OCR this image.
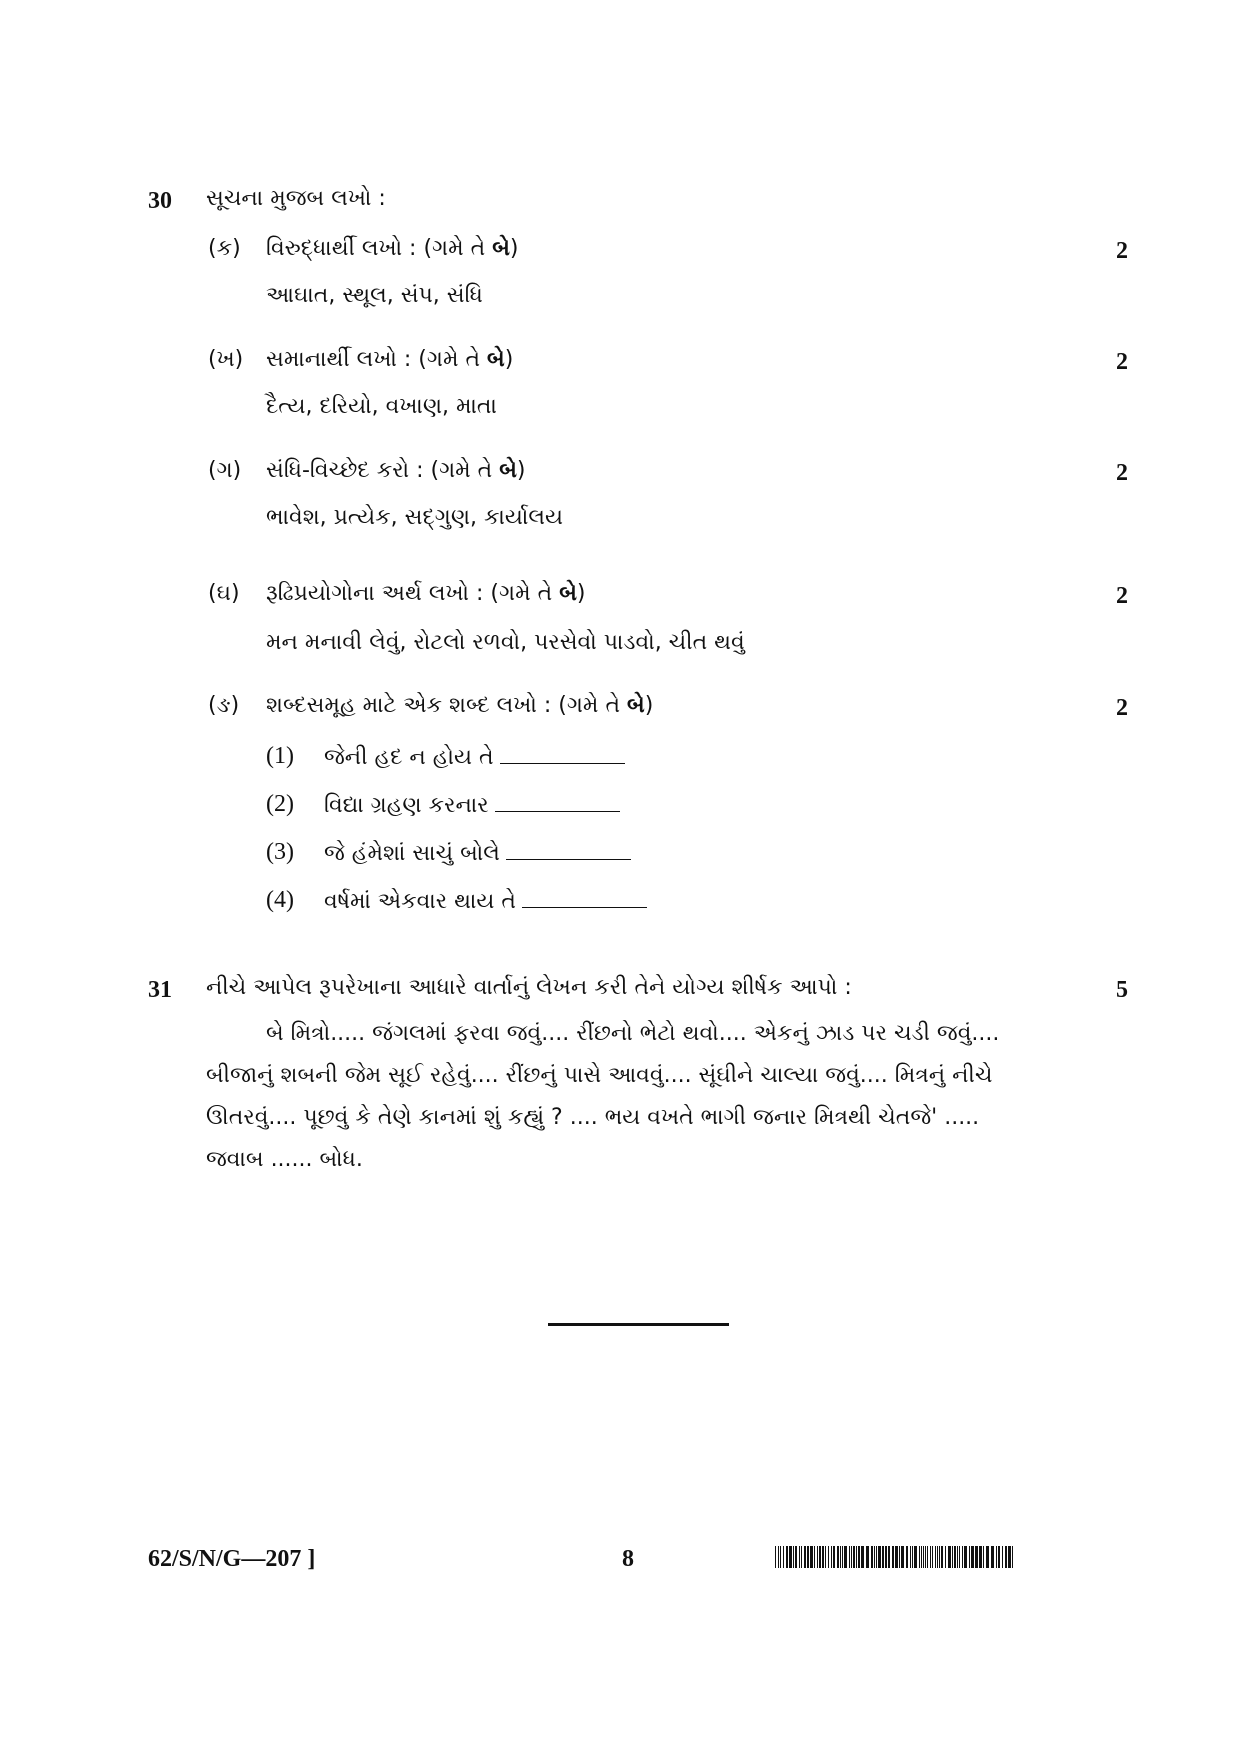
30 સૂચના મુજબ લખો :
(ક) વિરુદ્ધાર્થી લખો : (ગમે તે બે)	2
આઘાત, સ્થૂલ, સંપ, સંધિ
(ખ) સમાનાર્થી લખો : (ગમે તે બે)	2
દૈત્ય, દરિયો, વખાણ, માતા
(ગ) સંધિ-વિચ્છેદ કરો : (ગમે તે બે)	2
ભાવેશ, પ્રત્યેક, સદ્‌ગુણ, કાર્યાલય
(ઘ) રૂઢિપ્રયોગોના અર્થ લખો : (ગમે તે બે)	2
મન મનાવી લેવું, રોટલો રળવો, પરસેવો પાડવો, ચીત થવું
(ઙ) શબ્દસમૂહ માટે એક શબ્દ લખો : (ગમે તે બે)	2
(1) જેની હદ ન હોય તે
(2) વિદ્યા ગ્રહણ કરનાર
(3) જે હંમેશાં સાચું બોલે
(4) વર્ષમાં એકવાર થાય તે
31 નીચે આપેલ રૂપરેખાના આધારે વાર્તાનું લેખન કરી તેને યોગ્ય શીર્ષક આપો :	5
બે મિત્રો..... જંગલમાં ફરવા જવું.... રીંછનો ભેટો થવો.... એકનું ઝાડ પર ચડી જવું.... બીજાનું શબની જેમ સૂઈ રહેવું.... રીંછનું પાસે આવવું.... સૂંઘીને ચાલ્યા જવું.... મિત્રનું નીચે ઊતરવું.... પૂછવું કે તેણે કાનમાં શું કહ્યું ? .... ભય વખતે ભાગી જનાર મિત્રથી ચેતજે' ..... જવાબ ...... બોધ.
62/S/N/G—207 ]	8
